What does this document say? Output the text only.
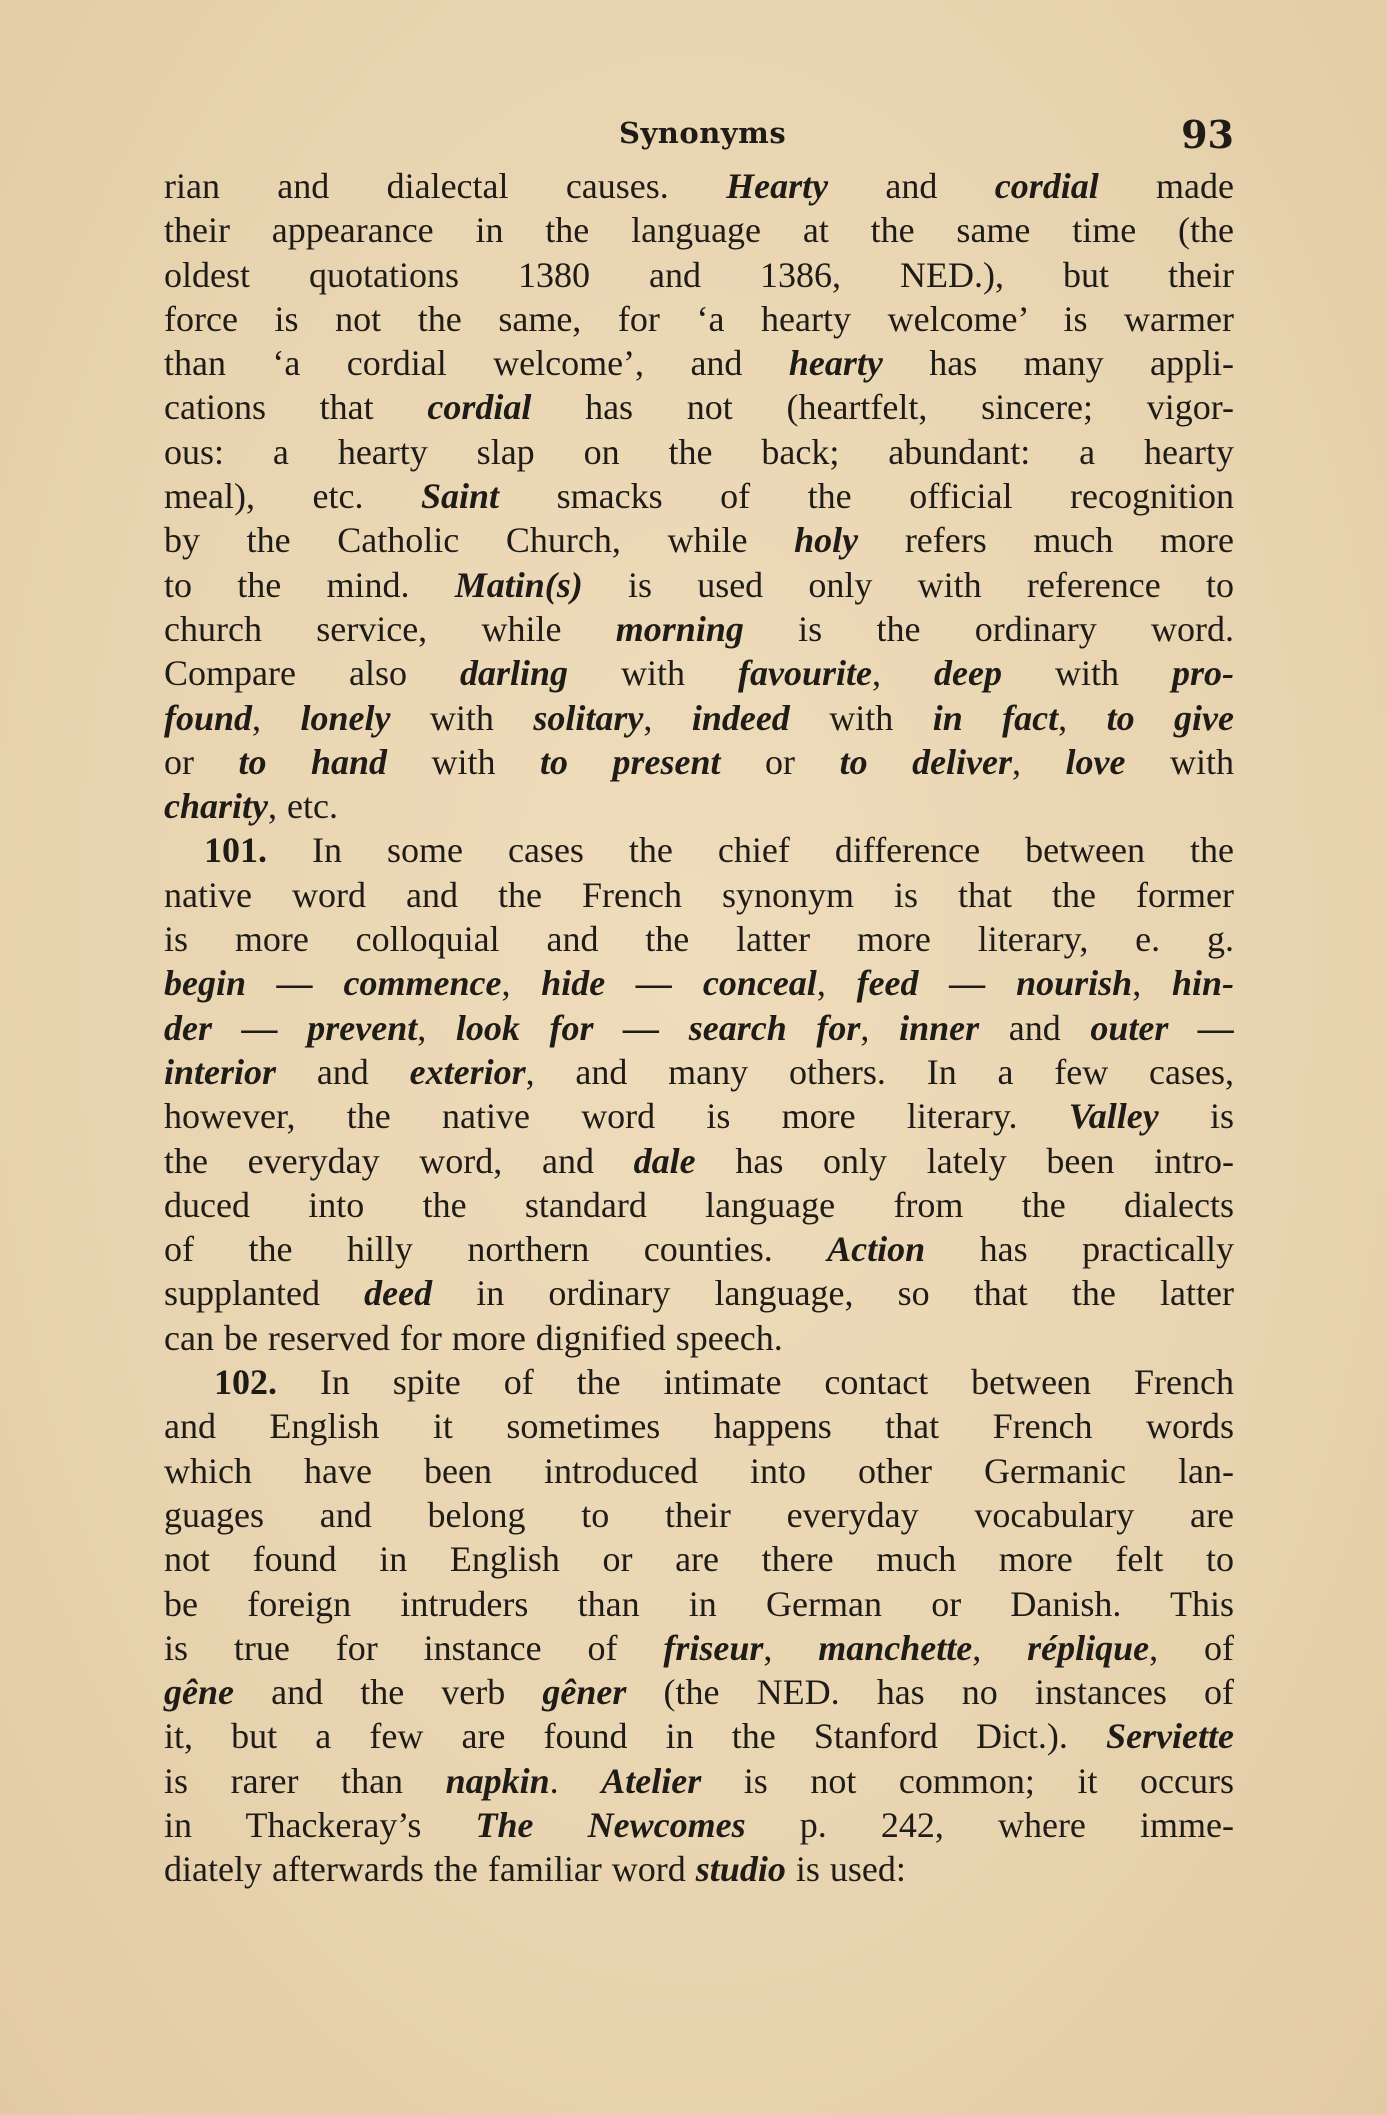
Synonyms	93
rian and dialectal causes. Hearty and cordial made
their appearance in the language at the same time (the
oldest quotations 1380 and 1386, NED.), but their
force is not the same, for ‘a hearty welcome’ is warmer
than ‘a cordial welcome’, and hearty has many appli-
cations that cordial has not (heartfelt, sincere; vigor-
ous: a hearty slap on the back; abundant: a hearty
meal), etc. Saint smacks of the official recognition
by the Catholic Church, while holy refers much more
to the mind. Matin(s) is used only with reference to
church service, while morning is the ordinary word.
Compare also darling with favourite, deep with pro-
found, lonely with solitary, indeed with in fact, to give
or to hand with to present or to deliver, love with
charity, etc.
101. In some cases the chief difference between the
native word and the French synonym is that the former
is more colloquial and the latter more literary, e. g.
begin — commence, hide — conceal, feed — nourish, hin-
der — prevent, look for — search for, inner and outer —
interior and exterior, and many others. In a few cases,
however, the native word is more literary. Valley is
the everyday word, and dale has only lately been intro-
duced into the standard language from the dialects
of the hilly northern counties. Action has practically
supplanted deed in ordinary language, so that the latter
can be reserved for more dignified speech.
102. In spite of the intimate contact between French
and English it sometimes happens that French words
which have been introduced into other Germanic lan-
guages and belong to their everyday vocabulary are
not found in English or are there much more felt to
be foreign intruders than in German or Danish. This
is true for instance of friseur, manchette, réplique, of
gêne and the verb gêner (the NED. has no instances of
it, but a few are found in the Stanford Dict.). Serviette
is rarer than napkin. Atelier is not common; it occurs
in Thackeray’s The Newcomes p. 242, where imme-
diately afterwards the familiar word studio is used:
